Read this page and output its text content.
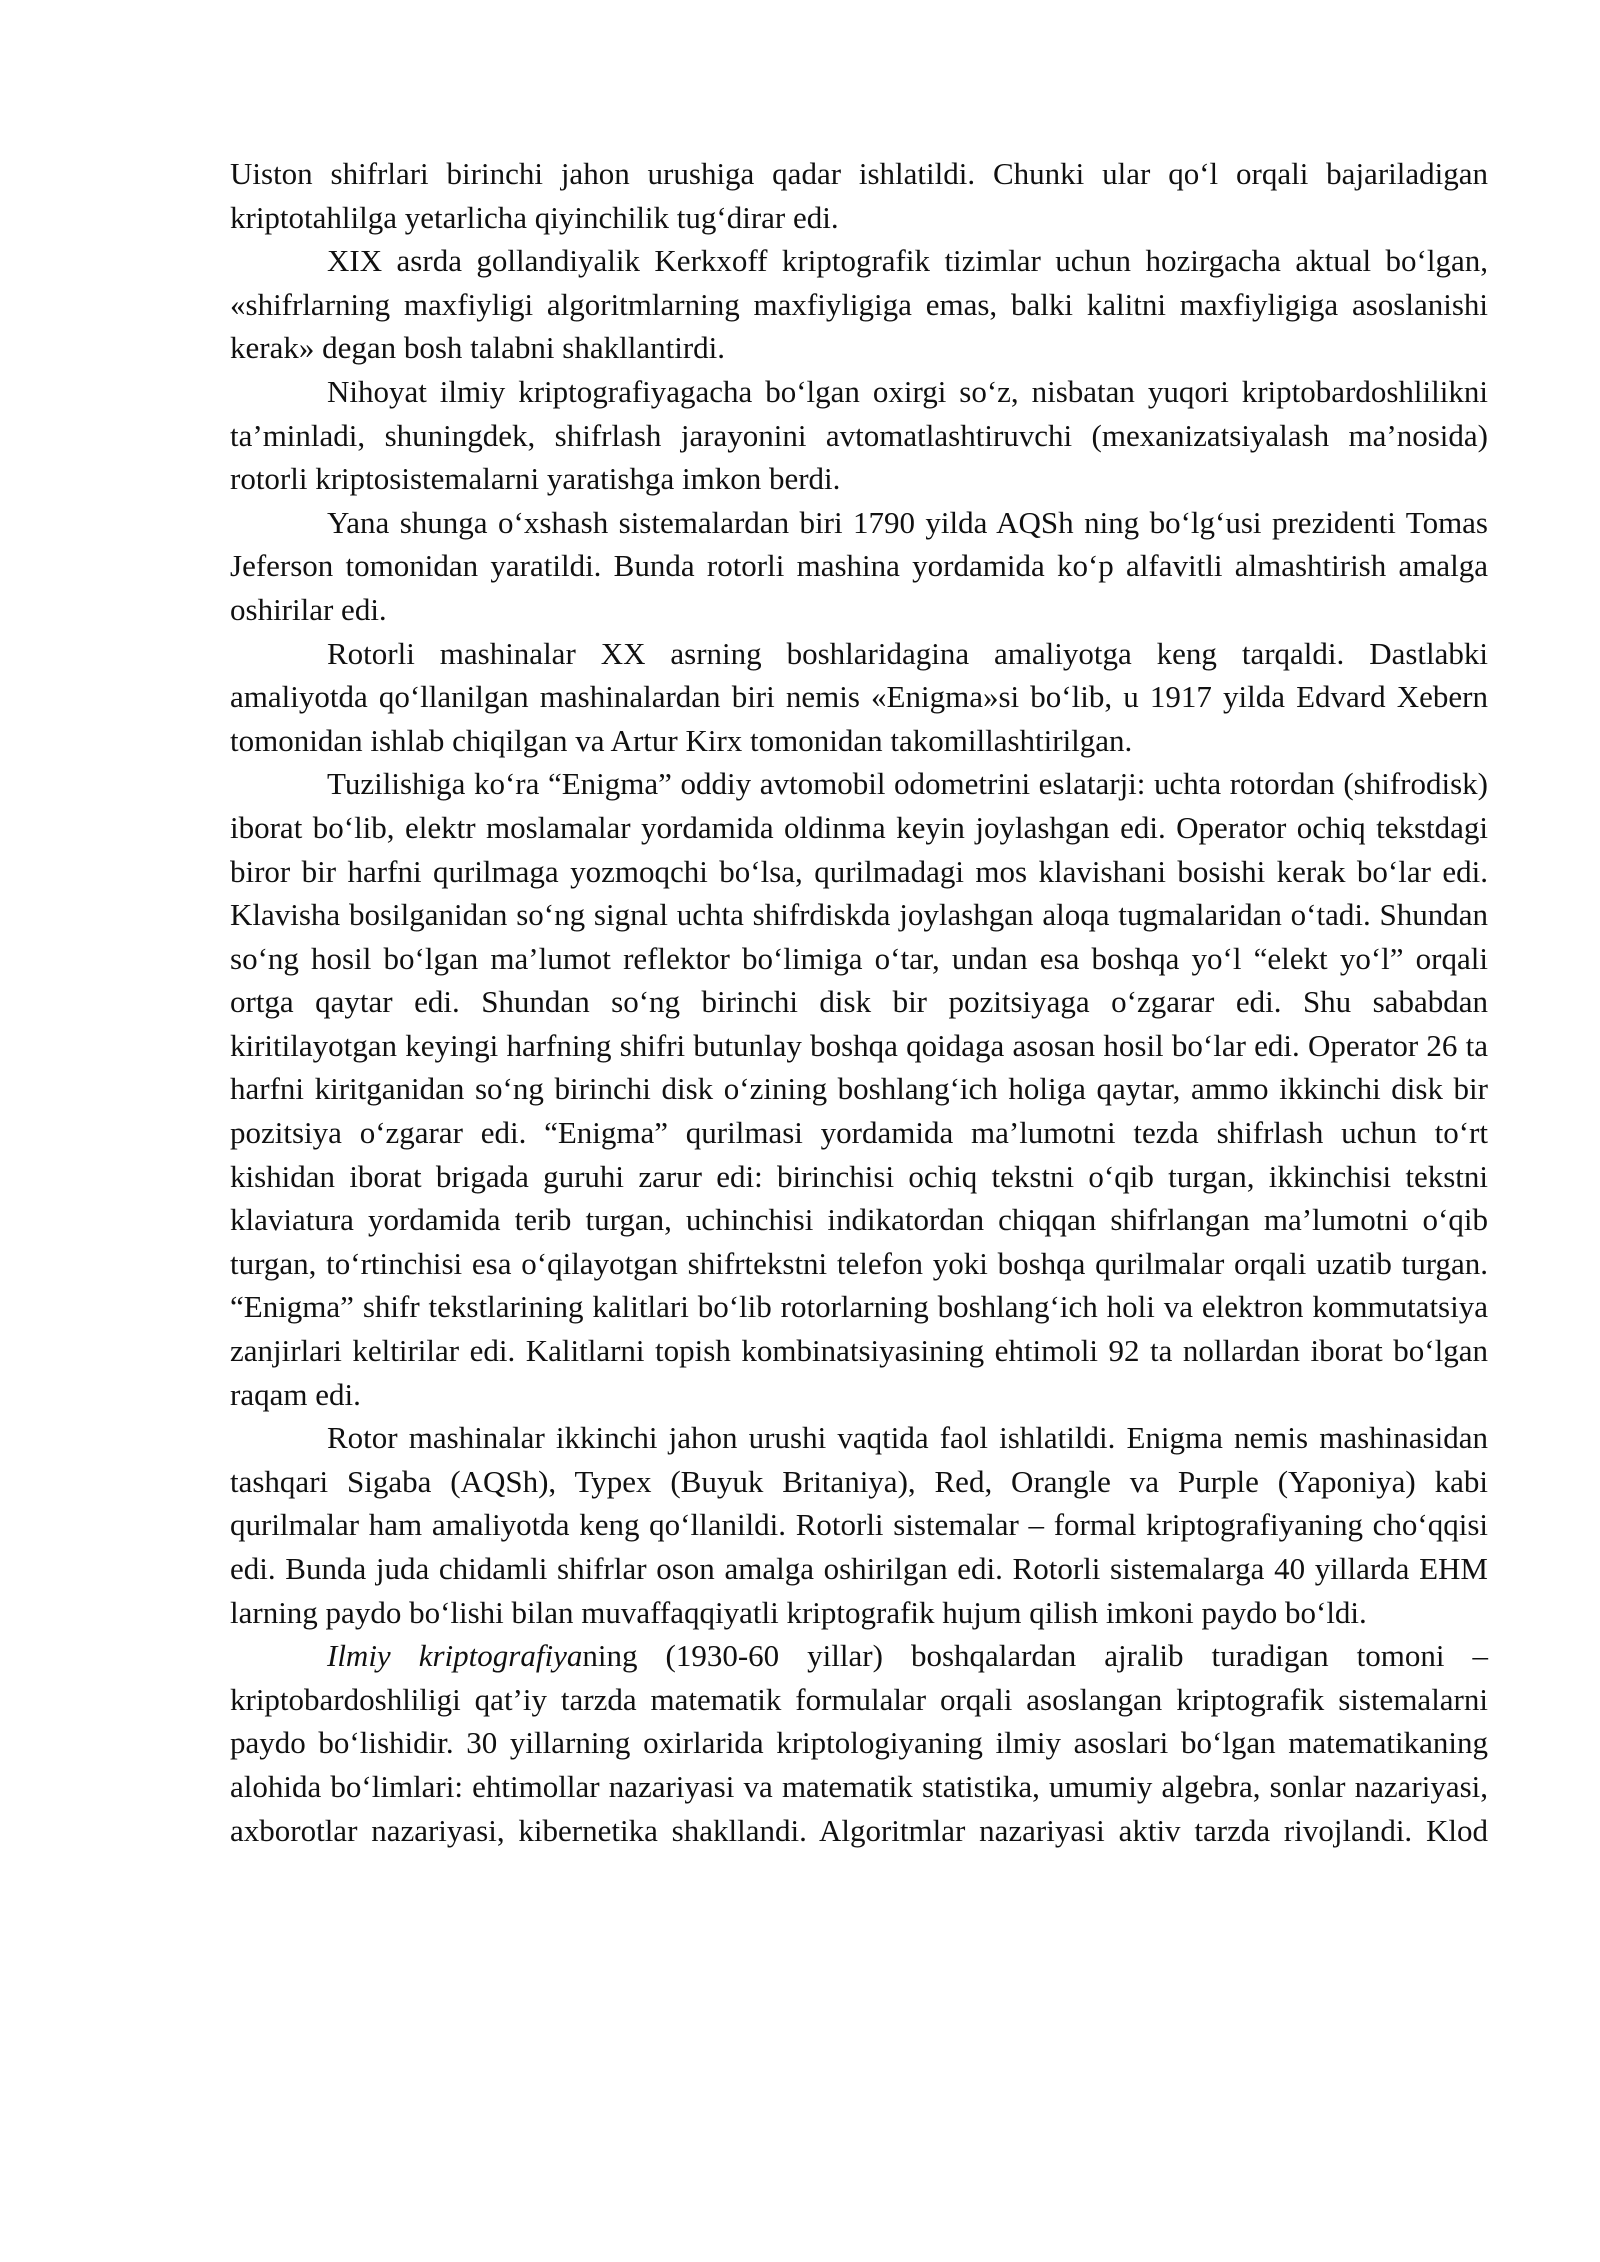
Uiston shifrlari birinchi jahon urushiga qadar ishlatildi. Chunki ular qo‘l orqali bajariladigan kriptotahlilga yetarlicha qiyinchilik tug‘dirar edi.

XIX asrda gollandiyalik Kerkxoff kriptografik tizimlar uchun hozirgacha aktual bo‘lgan, «shifrlarning maxfiyligi algoritmlarning maxfiyligiga emas, balki kalitni maxfiyligiga asoslanishi kerak» degan bosh talabni shakllantirdi.

Nihoyat ilmiy kriptografiyagacha bo‘lgan oxirgi so‘z, nisbatan yuqori kriptobardoshlilikni ta’minladi, shuningdek, shifrlash jarayonini avtomatlashtiruvchi (mexanizatsiyalash ma’nosida) rotorli kriptosistemalarni yaratishga imkon berdi.

Yana shunga o‘xshash sistemalardan biri 1790 yilda AQSh ning bo‘lg‘usi prezidenti Tomas Jeferson tomonidan yaratildi. Bunda rotorli mashina yordamida ko‘p alfavitli almashtirish amalga oshirilar edi.

Rotorli mashinalar XX asrning boshlaridagina amaliyotga keng tarqaldi. Dastlabki amaliyotda qo‘llanilgan mashinalardan biri nemis «Enigma»si bo‘lib, u 1917 yilda Edvard Xebern tomonidan ishlab chiqilgan va Artur Kirx tomonidan takomillashtirilgan.

Tuzilishiga ko‘ra “Enigma” oddiy avtomobil odometrini eslatarji: uchta rotordan (shifrodisk) iborat bo‘lib, elektr moslamalar yordamida oldinma keyin joylashgan edi. Operator ochiq tekstdagi biror bir harfni qurilmaga yozmoqchi bo‘lsa, qurilmadagi mos klavishani bosishi kerak bo‘lar edi. Klavisha bosilganidan so‘ng signal uchta shifrdiskda joylashgan aloqa tugmalaridan o‘tadi. Shundan so‘ng hosil bo‘lgan ma’lumot reflektor bo‘limiga o‘tar, undan esa boshqa yo‘l “elekt yo‘l” orqali ortga qaytar edi. Shundan so‘ng birinchi disk bir pozitsiyaga o‘zgarar edi. Shu sababdan kiritilayotgan keyingi harfning shifri butunlay boshqa qoidaga asosan hosil bo‘lar edi. Operator 26 ta harfni kiritganidan so‘ng birinchi disk o‘zining boshlang‘ich holiga qaytar, ammo ikkinchi disk bir pozitsiya o‘zgarar edi. “Enigma” qurilmasi yordamida ma’lumotni tezda shifrlash uchun to‘rt kishidan iborat brigada guruhi zarur edi: birinchisi ochiq tekstni o‘qib turgan, ikkinchisi tekstni klaviatura yordamida terib turgan, uchinchisi indikatordan chiqqan shifrlangan ma’lumotni o‘qib turgan, to‘rtinchisi esa o‘qilayotgan shifrtekstni telefon yoki boshqa qurilmalar orqali uzatib turgan. “Enigma” shifr tekstlarining kalitlari bo‘lib rotorlarning boshlang‘ich holi va elektron kommutatsiya zanjirlari keltirilar edi. Kalitlarni topish kombinatsiyasining ehtimoli 92 ta nollardan iborat bo‘lgan raqam edi.

Rotor mashinalar ikkinchi jahon urushi vaqtida faol ishlatildi. Enigma nemis mashinasidan tashqari Sigaba (AQSh), Typex (Buyuk Britaniya), Red, Orangle va Purple (Yaponiya) kabi qurilmalar ham amaliyotda keng qo‘llanildi. Rotorli sistemalar – formal kriptografiyaning cho‘qqisi edi. Bunda juda chidamli shifrlar oson amalga oshirilgan edi. Rotorli sistemalarga 40 yillarda EHM larning paydo bo‘lishi bilan muvaffaqqiyatli kriptografik hujum qilish imkoni paydo bo‘ldi.

Ilmiy kriptografiyaning (1930-60 yillar) boshqalardan ajralib turadigan tomoni – kriptobardoshliligi qat’iy tarzda matematik formulalar orqali asoslangan kriptografik sistemalarni paydo bo‘lishidir. 30 yillarning oxirlarida kriptologiyaning ilmiy asoslari bo‘lgan matematikaning alohida bo‘limlari: ehtimollar nazariyasi va matematik statistika, umumiy algebra, sonlar nazariyasi, axborotlar nazariyasi, kibernetika shakllandi. Algoritmlar nazariyasi aktiv tarzda rivojlandi. Klod
